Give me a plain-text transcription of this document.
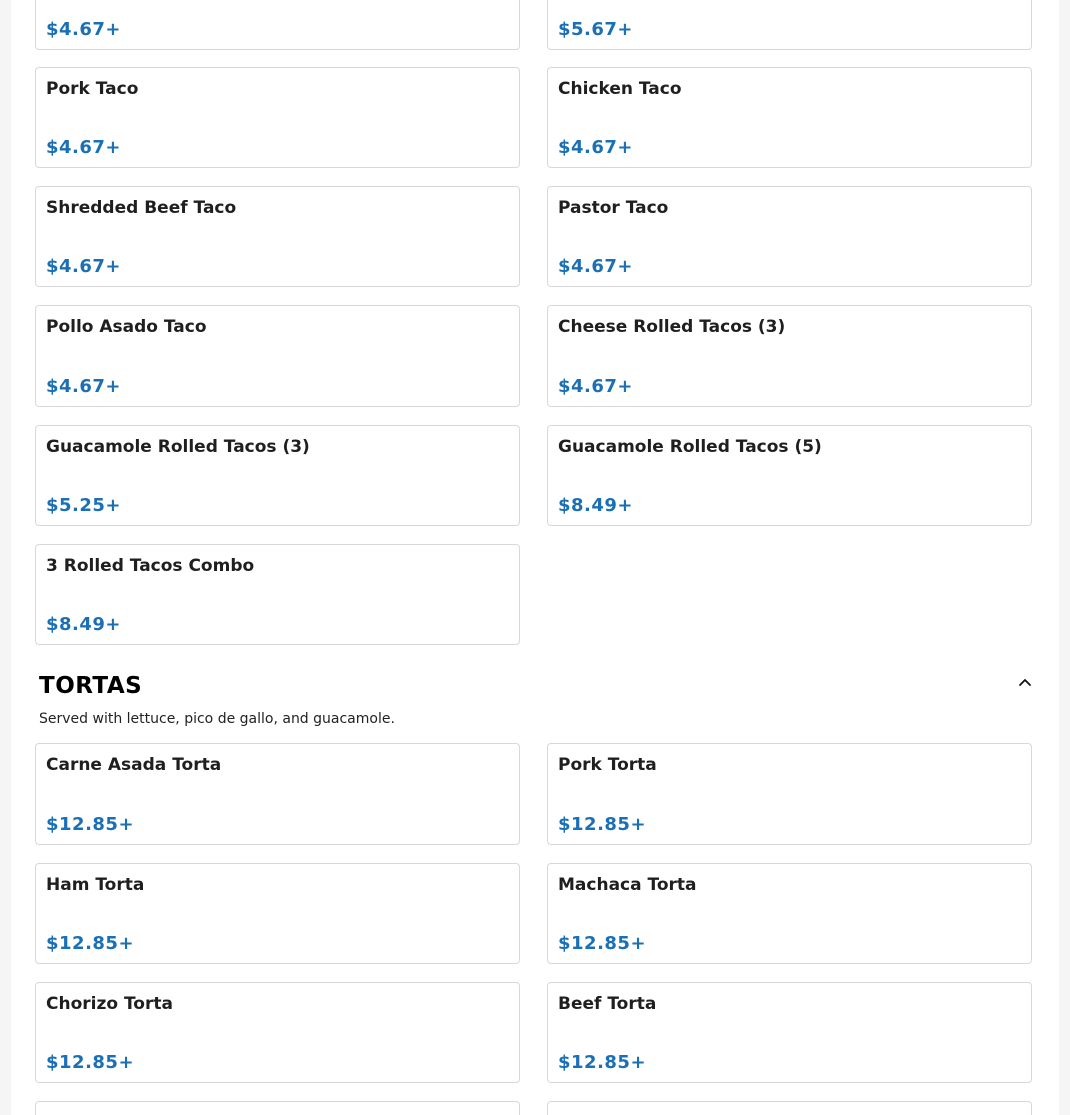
$4.67+	$5.67+
Pork Taco
$4.67+
Chicken Taco
$4.67+
Shredded Beef Taco
$4.67+
Pastor Taco
$4.67+
Pollo Asado Taco
$4.67+
Cheese Rolled Tacos (3)
$4.67+
Guacamole Rolled Tacos (3)
$5.25+
Guacamole Rolled Tacos (5)
$8.49+
3 Rolled Tacos Combo
$8.49+
TORTAS
Served with lettuce, pico de gallo, and guacamole.
Carne Asada Torta
$12.85+
Pork Torta
$12.85+
Ham Torta
$12.85+
Machaca Torta
$12.85+
Chorizo Torta
$12.85+
Beef Torta
$12.85+
